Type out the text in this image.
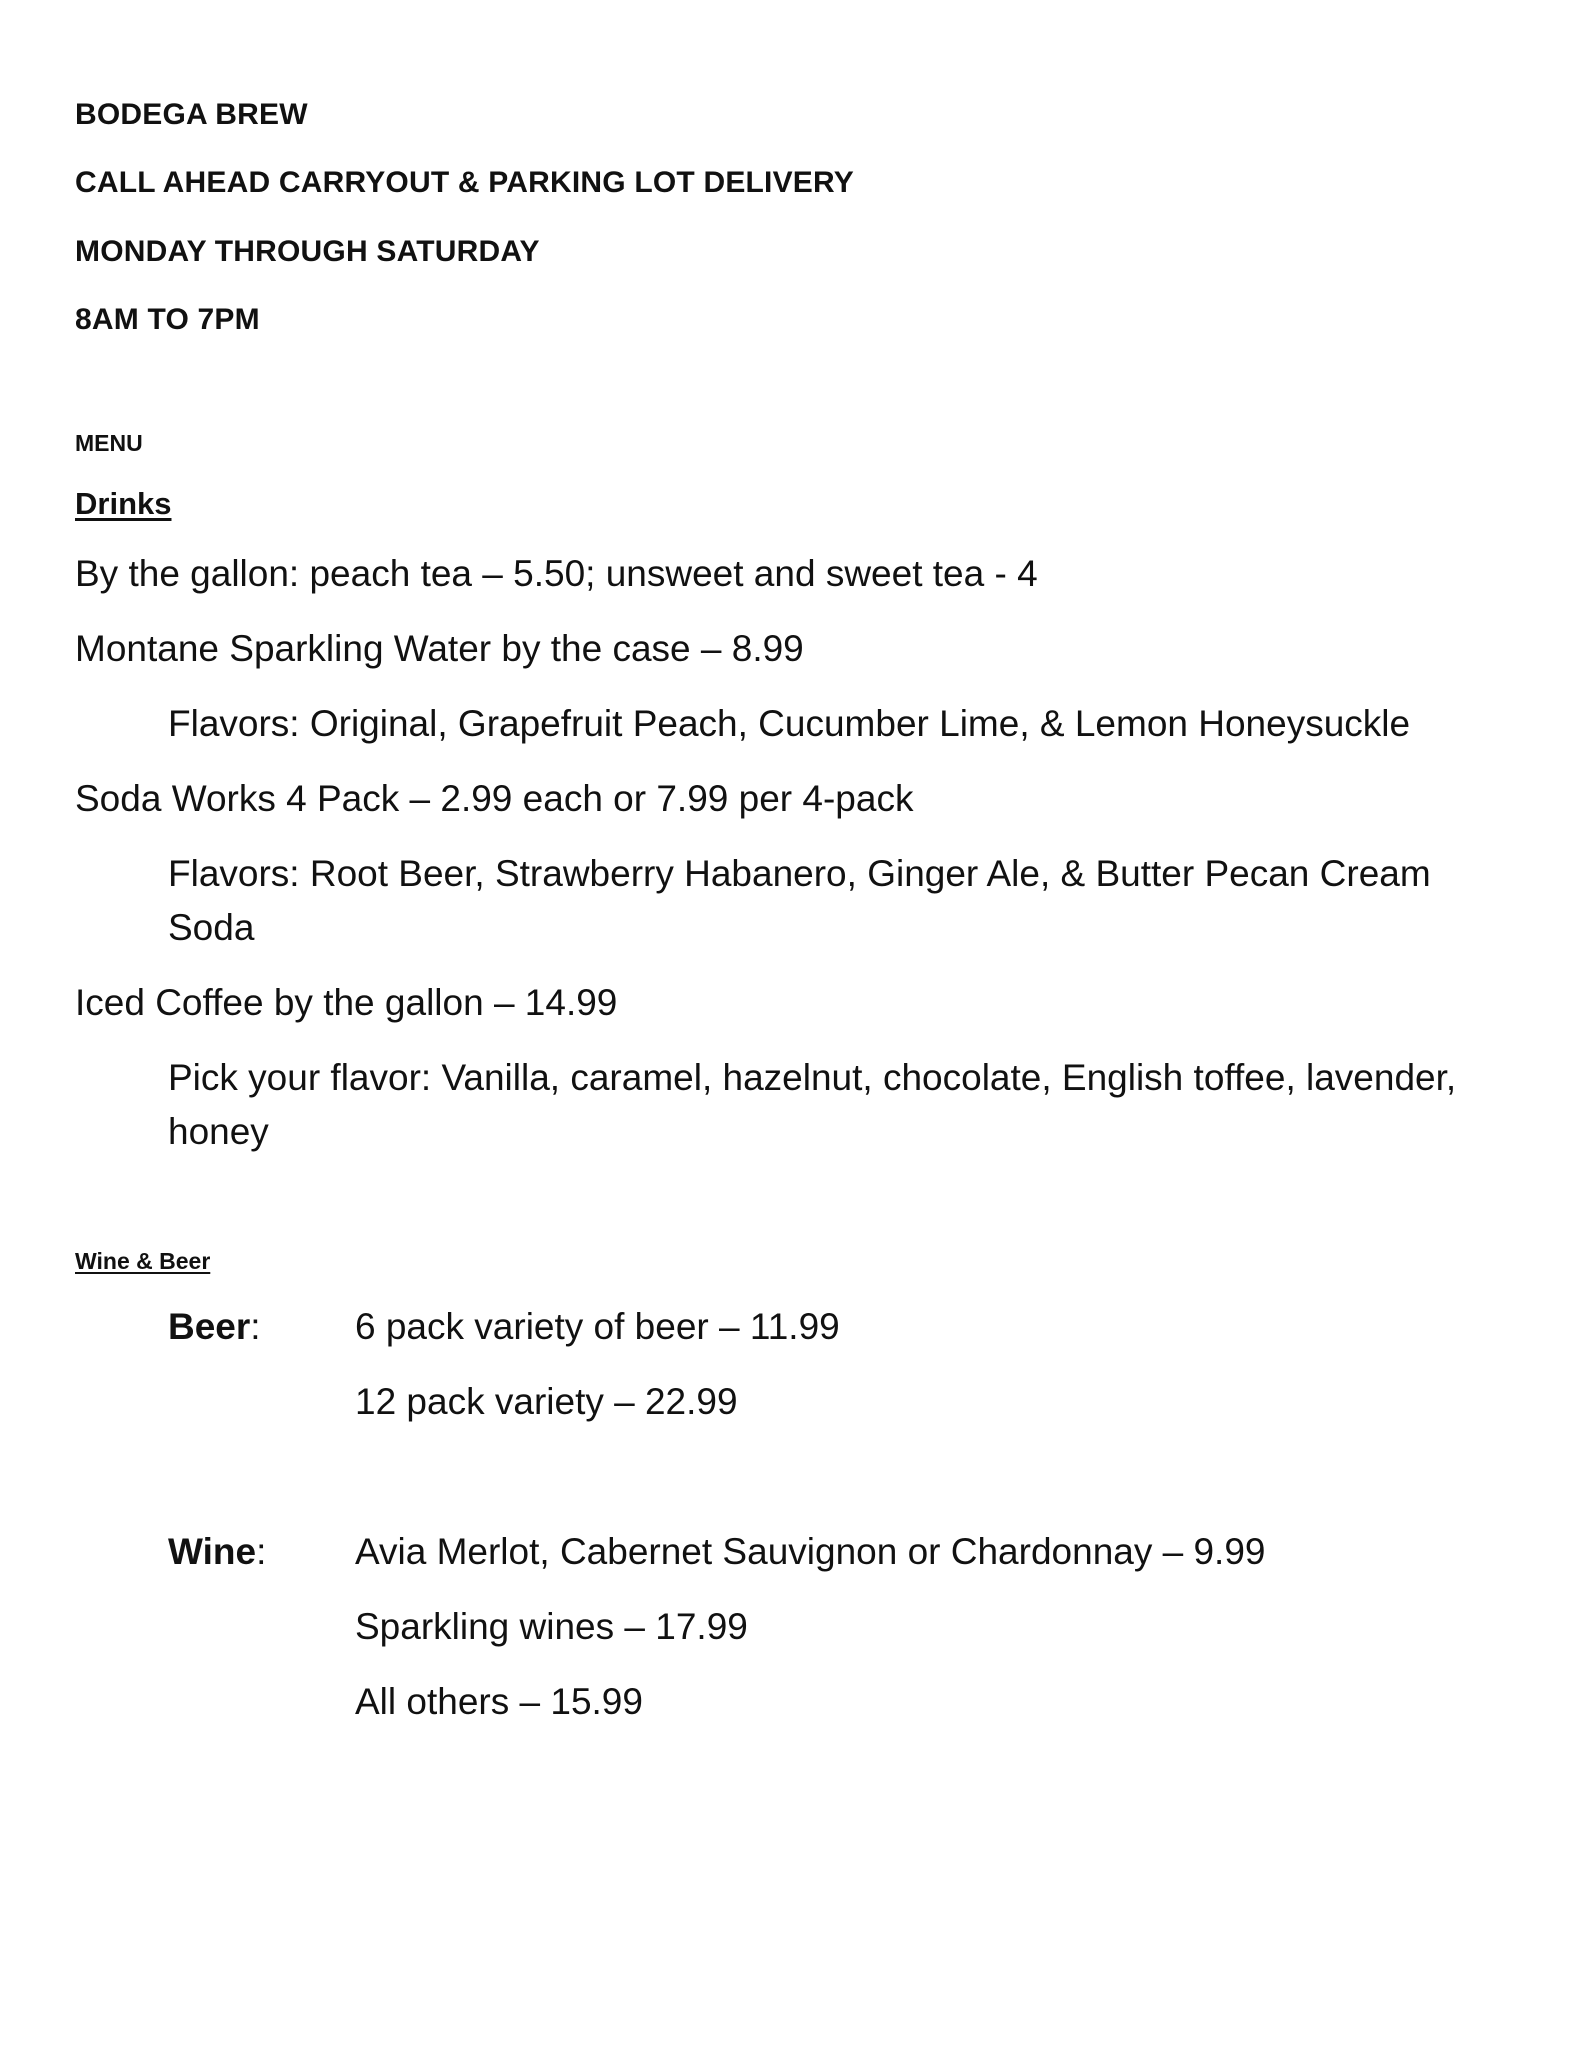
BODEGA BREW

CALL AHEAD CARRYOUT & PARKING LOT DELIVERY

MONDAY THROUGH SATURDAY

8AM TO 7PM

MENU

Drinks

By the gallon: peach tea – 5.50; unsweet and sweet tea - 4

Montane Sparkling Water by the case – 8.99

Flavors: Original, Grapefruit Peach, Cucumber Lime, & Lemon Honeysuckle

Soda Works 4 Pack – 2.99 each or 7.99 per 4-pack

Flavors: Root Beer, Strawberry Habanero, Ginger Ale, & Butter Pecan Cream

Soda

Iced Coffee by the gallon – 14.99

Pick your flavor: Vanilla, caramel, hazelnut, chocolate, English toffee, lavender,

honey

Wine & Beer

Beer:	6 pack variety of beer – 11.99

12 pack variety – 22.99

Wine: Avia Merlot, Cabernet Sauvignon or Chardonnay – 9.99

Sparkling wines – 17.99

All others – 15.99
